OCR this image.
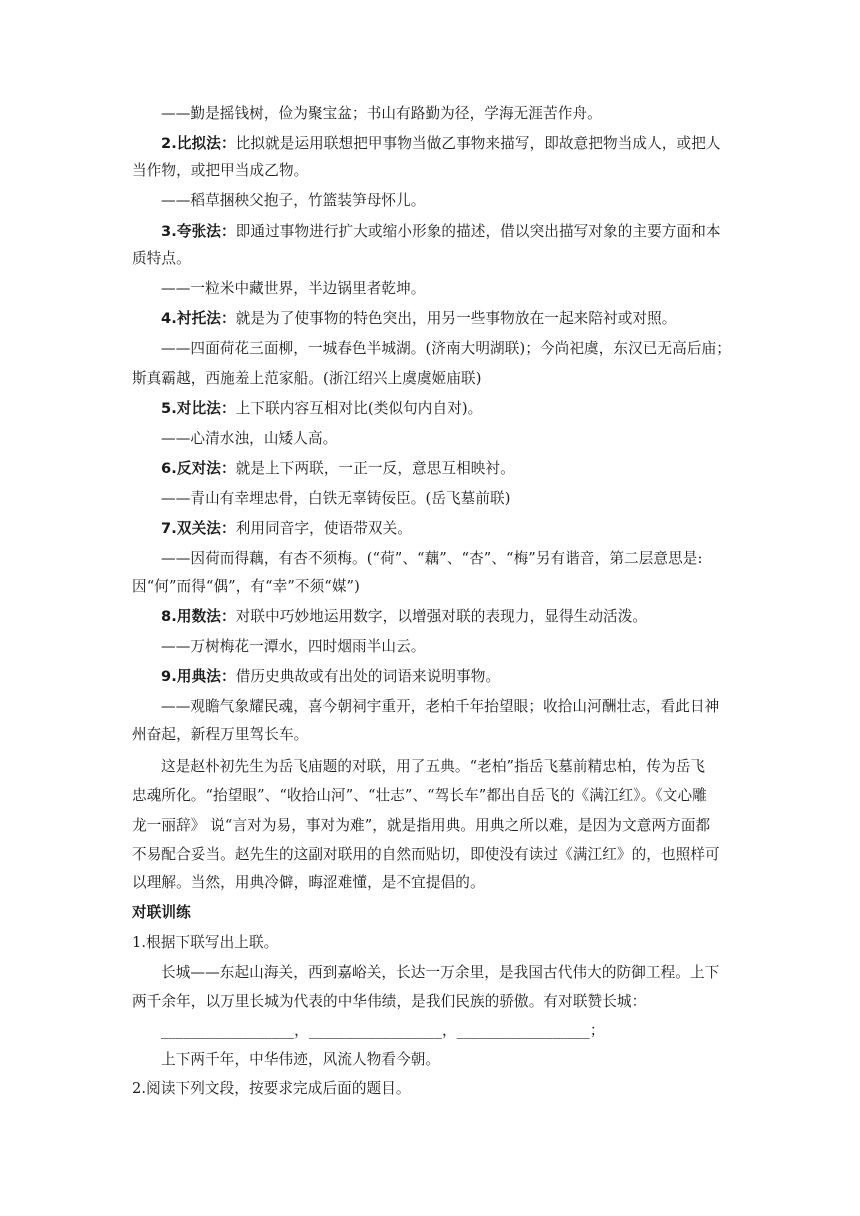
——勤是摇钱树，俭为聚宝盆；书山有路勤为径，学海无涯苦作舟。
2.比拟法：比拟就是运用联想把甲事物当做乙事物来描写，即故意把物当成人，或把人
当作物，或把甲当成乙物。
——稻草捆秧父抱子，竹篮装笋母怀儿。
3.夸张法：即通过事物进行扩大或缩小形象的描述，借以突出描写对象的主要方面和本
质特点。
——一粒米中藏世界，半边锅里者乾坤。
4.衬托法：就是为了使事物的特色突出，用另一些事物放在一起来陪衬或对照。
——四面荷花三面柳，一城春色半城湖。(济南大明湖联)；今尚祀虞，东汉已无高后庙；
斯真霸越，西施羞上范家船。(浙江绍兴上虞虞姬庙联)
5.对比法：上下联内容互相对比(类似句内自对)。
——心清水浊，山矮人高。
6.反对法：就是上下两联，一正一反，意思互相映衬。
——青山有幸埋忠骨，白铁无辜铸佞臣。(岳飞墓前联)
7.双关法：利用同音字，使语带双关。
——因荷而得藕，有杏不须梅。(“荷”、“藕”、“杏”、“梅”另有谐音，第二层意思是:
因“何”而得“偶”，有“幸”不须“媒”)
8.用数法：对联中巧妙地运用数字，以增强对联的表现力，显得生动活泼。
——万树梅花一潭水，四时烟雨半山云。
9.用典法：借历史典故或有出处的词语来说明事物。
——观瞻气象耀民魂，喜今朝祠宇重开，老柏千年抬望眼；收拾山河酬壮志，看此日神
州奋起，新程万里驾长车。
这是赵朴初先生为岳飞庙题的对联，用了五典。“老柏”指岳飞墓前精忠柏，传为岳飞
忠魂所化。“抬望眼”、“收拾山河”、“壮志”、“驾长车”都出自岳飞的《满江红》。《文心雕
龙一丽辞》 说“言对为易，事对为难”，就是指用典。用典之所以难，是因为文意两方面都
不易配合妥当。赵先生的这副对联用的自然而贴切，即使没有读过《满江红》的，也照样可
以理解。当然，用典冷僻，晦涩难懂，是不宜提倡的。
对联训练
1.根据下联写出上联。
长城——东起山海关，西到嘉峪关，长达一万余里，是我国古代伟大的防御工程。上下
两千余年，以万里长城为代表的中华伟绩，是我们民族的骄傲。有对联赞长城：
__________________，__________________，__________________；
上下两千年，中华伟迹，风流人物看今朝。
2.阅读下列文段，按要求完成后面的题目。
